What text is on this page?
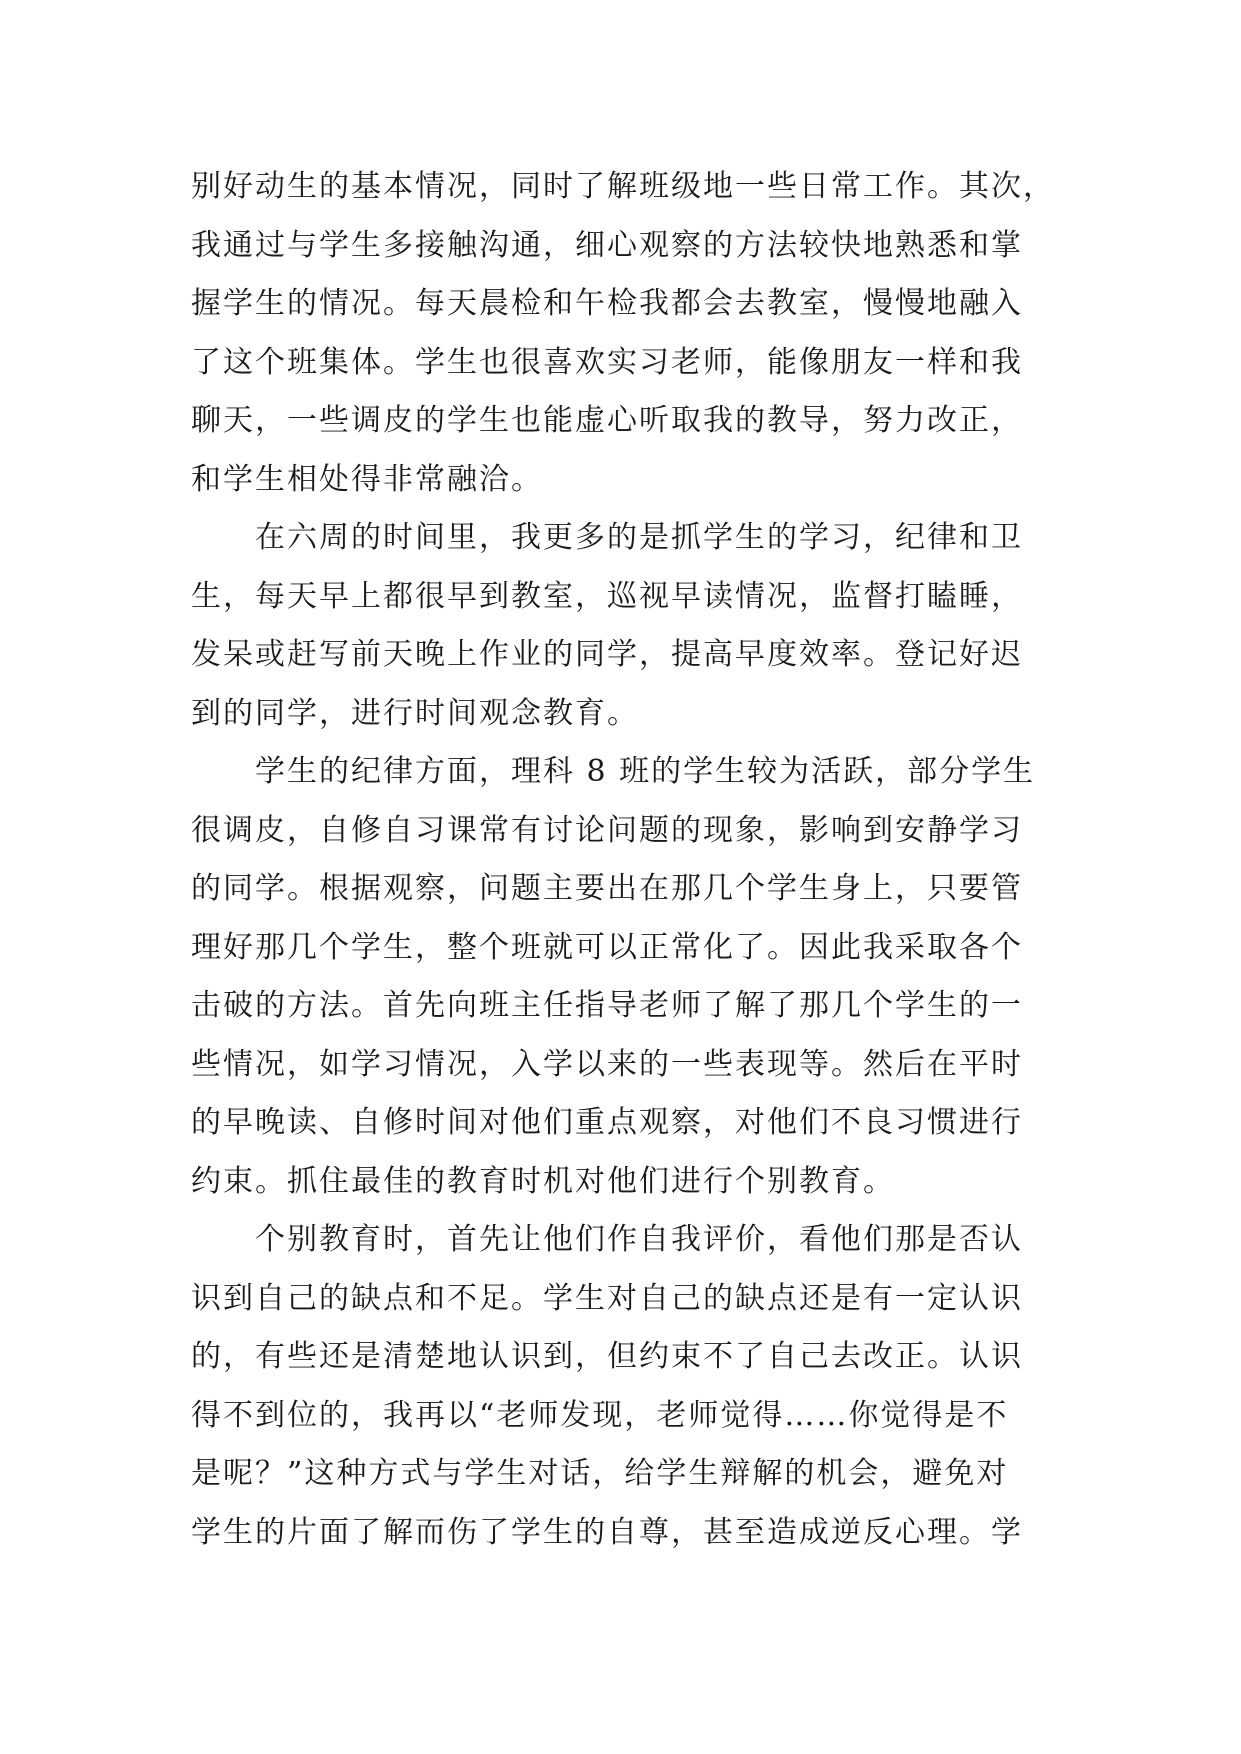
别好动生的基本情况，同时了解班级地一些日常工作。其次，
我通过与学生多接触沟通，细心观察的方法较快地熟悉和掌
握学生的情况。每天晨检和午检我都会去教室，慢慢地融入
了这个班集体。学生也很喜欢实习老师，能像朋友一样和我
聊天，一些调皮的学生也能虚心听取我的教导，努力改正，
和学生相处得非常融洽。
在六周的时间里，我更多的是抓学生的学习，纪律和卫
生，每天早上都很早到教室，巡视早读情况，监督打瞌睡，
发呆或赶写前天晚上作业的同学，提高早度效率。登记好迟
到的同学，进行时间观念教育。
学生的纪律方面，理科 8 班的学生较为活跃，部分学生
很调皮，自修自习课常有讨论问题的现象，影响到安静学习
的同学。根据观察，问题主要出在那几个学生身上，只要管
理好那几个学生，整个班就可以正常化了。因此我采取各个
击破的方法。首先向班主任指导老师了解了那几个学生的一
些情况，如学习情况，入学以来的一些表现等。然后在平时
的早晚读、自修时间对他们重点观察，对他们不良习惯进行
约束。抓住最佳的教育时机对他们进行个别教育。
个别教育时，首先让他们作自我评价，看他们那是否认
识到自己的缺点和不足。学生对自己的缺点还是有一定认识
的，有些还是清楚地认识到，但约束不了自己去改正。认识
得不到位的，我再以“老师发现，老师觉得……你觉得是不
是呢？”这种方式与学生对话，给学生辩解的机会，避免对
学生的片面了解而伤了学生的自尊，甚至造成逆反心理。学
